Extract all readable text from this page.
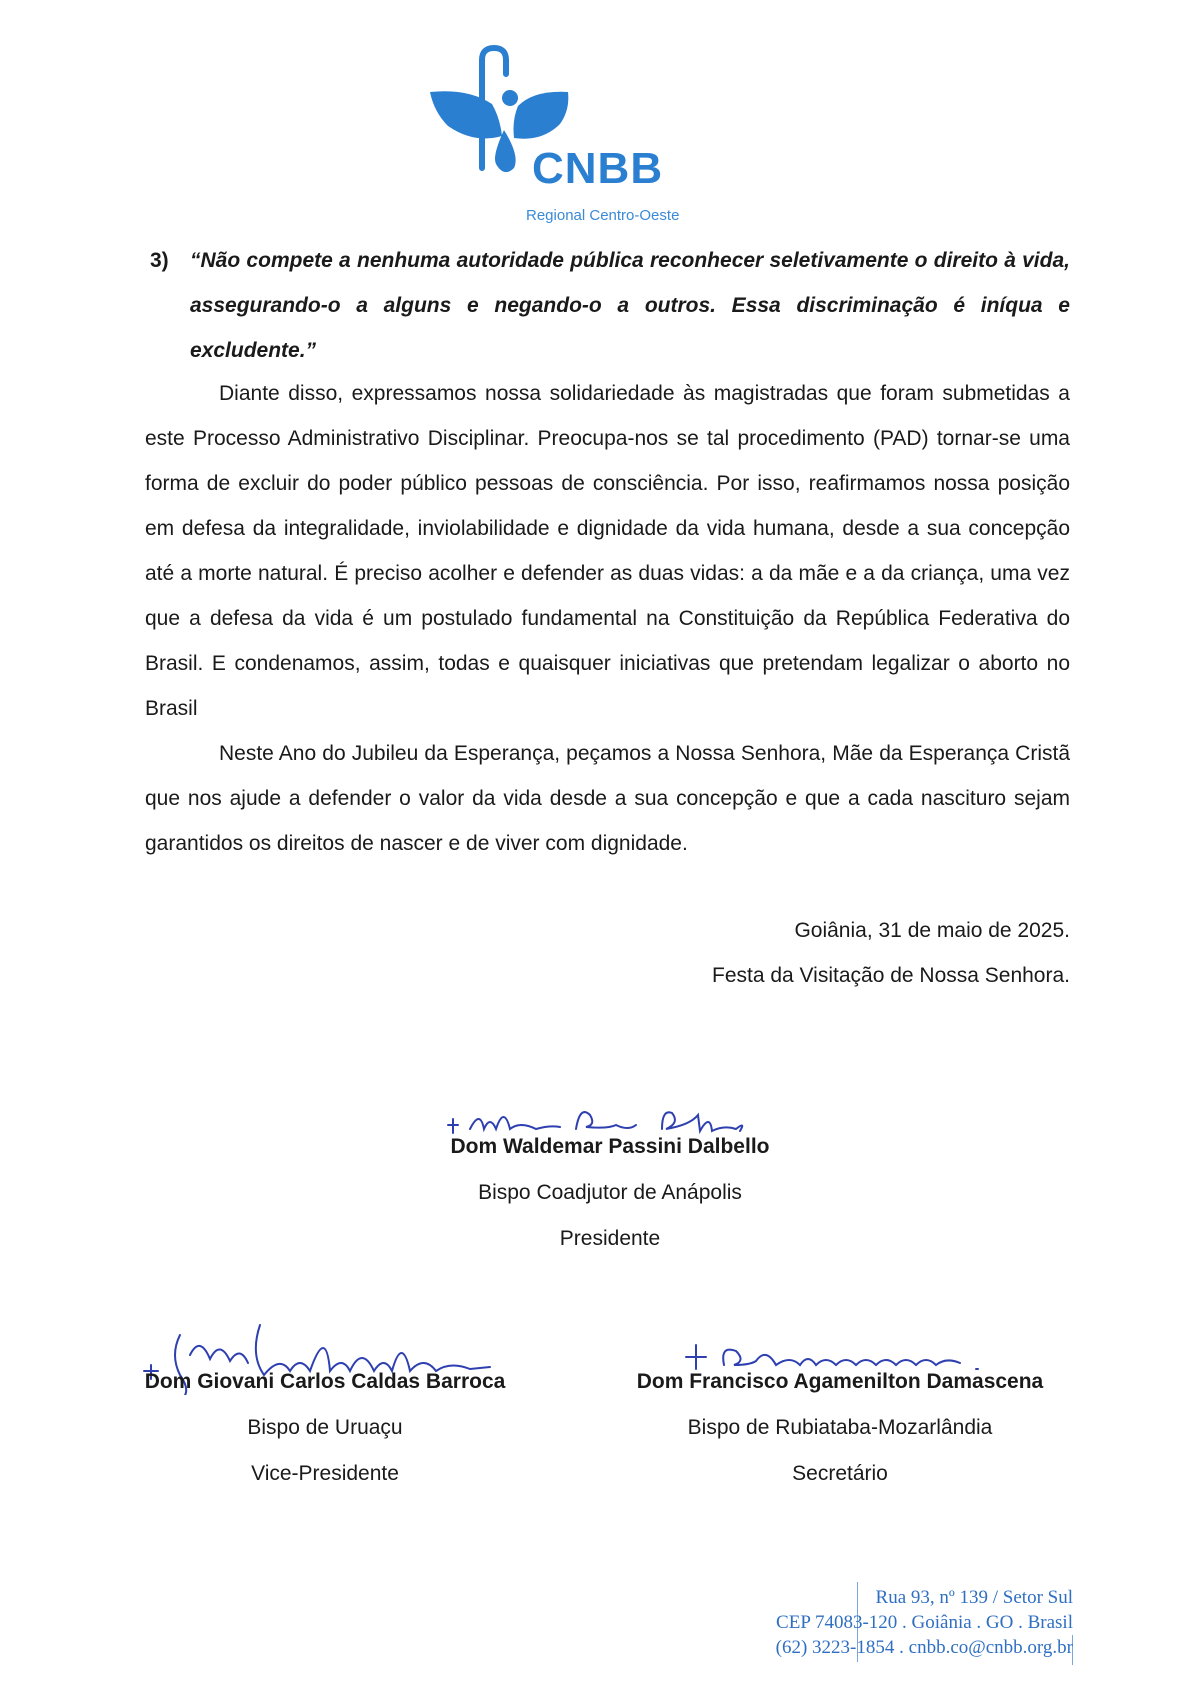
CNBB
Regional Centro-Oeste
3) “Não compete a nenhuma autoridade pública reconhecer seletivamente o direito à vida, assegurando-o a alguns e negando-o a outros. Essa discriminação é iníqua e excludente.”

Diante disso, expressamos nossa solidariedade às magistradas que foram submetidas a este Processo Administrativo Disciplinar. Preocupa-nos se tal procedimento (PAD) tornar-se uma forma de excluir do poder público pessoas de consciência. Por isso, reafirmamos nossa posição em defesa da integralidade, inviolabilidade e dignidade da vida humana, desde a sua concepção até a morte natural. É preciso acolher e defender as duas vidas: a da mãe e a da criança, uma vez que a defesa da vida é um postulado fundamental na Constituição da República Federativa do Brasil. E condenamos, assim, todas e quaisquer iniciativas que pretendam legalizar o aborto no Brasil

Neste Ano do Jubileu da Esperança, peçamos a Nossa Senhora, Mãe da Esperança Cristã que nos ajude a defender o valor da vida desde a sua concepção e que a cada nascituro sejam garantidos os direitos de nascer e de viver com dignidade.

Goiânia, 31 de maio de 2025.
Festa da Visitação de Nossa Senhora.
Dom Waldemar Passini Dalbello
Bispo Coadjutor de Anápolis
Presidente
Dom Giovani Carlos Caldas Barroca
Bispo de Uruaçu
Vice-Presidente
Dom Francisco Agamenilton Damascena
Bispo de Rubiataba-Mozarlândia
Secretário
Rua 93, nº 139 / Setor Sul
CEP 74083-120 . Goiânia . GO . Brasil
(62) 3223-1854 . cnbb.co@cnbb.org.br
